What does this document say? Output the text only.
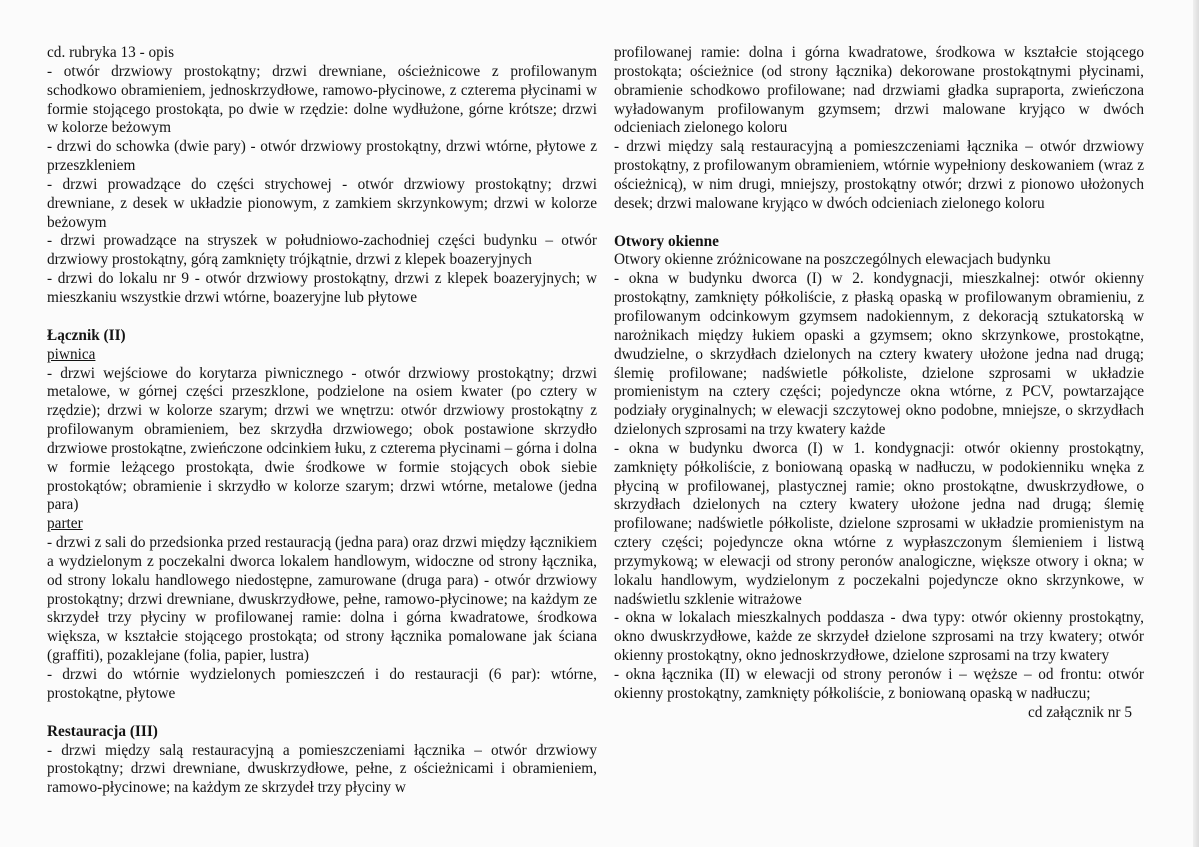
cd. rubryka 13 - opis

- otwór drzwiowy prostokątny; drzwi drewniane, ościeżnicowe z profilowanym schodkowo obramieniem, jednoskrzydłowe, ramowo-płycinowe, z czterema płycinami w formie stojącego prostokąta, po dwie w rzędzie: dolne wydłużone, górne krótsze; drzwi w kolorze beżowym

- drzwi do schowka (dwie pary) - otwór drzwiowy prostokątny, drzwi wtórne, płytowe z przeszkleniem

- drzwi prowadzące do części strychowej - otwór drzwiowy prostokątny; drzwi drewniane, z desek w układzie pionowym, z zamkiem skrzynkowym; drzwi w kolorze beżowym

- drzwi prowadzące na stryszek w południowo-zachodniej części budynku – otwór drzwiowy prostokątny, górą zamknięty trójkątnie, drzwi z klepek boazeryjnych

- drzwi do lokalu nr 9 - otwór drzwiowy prostokątny, drzwi z klepek boazeryjnych; w mieszkaniu wszystkie drzwi wtórne, boazeryjne lub płytowe

Łącznik (II)

piwnica

- drzwi wejściowe do korytarza piwnicznego - otwór drzwiowy prostokątny; drzwi metalowe, w górnej części przeszklone, podzielone na osiem kwater (po cztery w rzędzie); drzwi w kolorze szarym; drzwi we wnętrzu: otwór drzwiowy prostokątny z profilowanym obramieniem, bez skrzydła drzwiowego; obok postawione skrzydło drzwiowe prostokątne, zwieńczone odcinkiem łuku, z czterema płycinami – górna i dolna w formie leżącego prostokąta, dwie środkowe w formie stojących obok siebie prostokątów; obramienie i skrzydło w kolorze szarym; drzwi wtórne, metalowe (jedna para)

parter

- drzwi z sali do przedsionka przed restauracją (jedna para) oraz drzwi między łącznikiem a wydzielonym z poczekalni dworca lokalem handlowym, widoczne od strony łącznika, od strony lokalu handlowego niedostępne, zamurowane (druga para) - otwór drzwiowy prostokątny; drzwi drewniane, dwuskrzydłowe, pełne, ramowo-płycinowe; na każdym ze skrzydeł trzy płyciny w profilowanej ramie: dolna i górna kwadratowe, środkowa większa, w kształcie stojącego prostokąta; od strony łącznika pomalowane jak ściana (graffiti), pozaklejane (folia, papier, lustra)

- drzwi do wtórnie wydzielonych pomieszczeń i do restauracji (6 par): wtórne, prostokątne, płytowe

Restauracja (III)

- drzwi między salą restauracyjną a pomieszczeniami łącznika – otwór drzwiowy prostokątny; drzwi drewniane, dwuskrzydłowe, pełne, z ościeżnicami i obramieniem, ramowo-płycinowe; na każdym ze skrzydeł trzy płyciny w

profilowanej ramie: dolna i górna kwadratowe, środkowa w kształcie stojącego prostokąta; ościeżnice (od strony łącznika) dekorowane prostokątnymi płycinami, obramienie schodkowo profilowane; nad drzwiami gładka supraporta, zwieńczona wyładowanym profilowanym gzymsem; drzwi malowane kryjąco w dwóch odcieniach zielonego koloru

- drzwi między salą restauracyjną a pomieszczeniami łącznika – otwór drzwiowy prostokątny, z profilowanym obramieniem, wtórnie wypełniony deskowaniem (wraz z ościeżnicą), w nim drugi, mniejszy, prostokątny otwór; drzwi z pionowo ułożonych desek; drzwi malowane kryjąco w dwóch odcieniach zielonego koloru

Otwory okienne

Otwory okienne zróżnicowane na poszczególnych elewacjach budynku

- okna w budynku dworca (I) w 2. kondygnacji, mieszkalnej: otwór okienny prostokątny, zamknięty półkoliście, z płaską opaską w profilowanym obramieniu, z profilowanym odcinkowym gzymsem nadokiennym, z dekoracją sztukatorską w narożnikach między łukiem opaski a gzymsem; okno skrzynkowe, prostokątne, dwudzielne, o skrzydłach dzielonych na cztery kwatery ułożone jedna nad drugą; ślemię profilowane; nadświetle półkoliste, dzielone szprosami w układzie promienistym na cztery części; pojedyncze okna wtórne, z PCV, powtarzające podziały oryginalnych; w elewacji szczytowej okno podobne, mniejsze, o skrzydłach dzielonych szprosami na trzy kwatery każde

- okna w budynku dworca (I) w 1. kondygnacji: otwór okienny prostokątny, zamknięty półkoliście, z boniowaną opaską w nadłuczu, w podokienniku wnęka z płyciną w profilowanej, plastycznej ramie; okno prostokątne, dwuskrzydłowe, o skrzydłach dzielonych na cztery kwatery ułożone jedna nad drugą; ślemię profilowane; nadświetle półkoliste, dzielone szprosami w układzie promienistym na cztery części; pojedyncze okna wtórne z wypłaszczonym ślemieniem i listwą przymykową; w elewacji od strony peronów analogiczne, większe otwory i okna; w lokalu handlowym, wydzielonym z poczekalni pojedyncze okno skrzynkowe, w nadświetlu szklenie witrażowe

- okna w lokalach mieszkalnych poddasza - dwa typy: otwór okienny prostokątny, okno dwuskrzydłowe, każde ze skrzydeł dzielone szprosami na trzy kwatery; otwór okienny prostokątny, okno jednoskrzydłowe, dzielone szprosami na trzy kwatery

- okna łącznika (II) w elewacji od strony peronów i – węższe – od frontu: otwór okienny prostokątny, zamknięty półkoliście, z boniowaną opaską w nadłuczu;

cd załącznik nr 5
